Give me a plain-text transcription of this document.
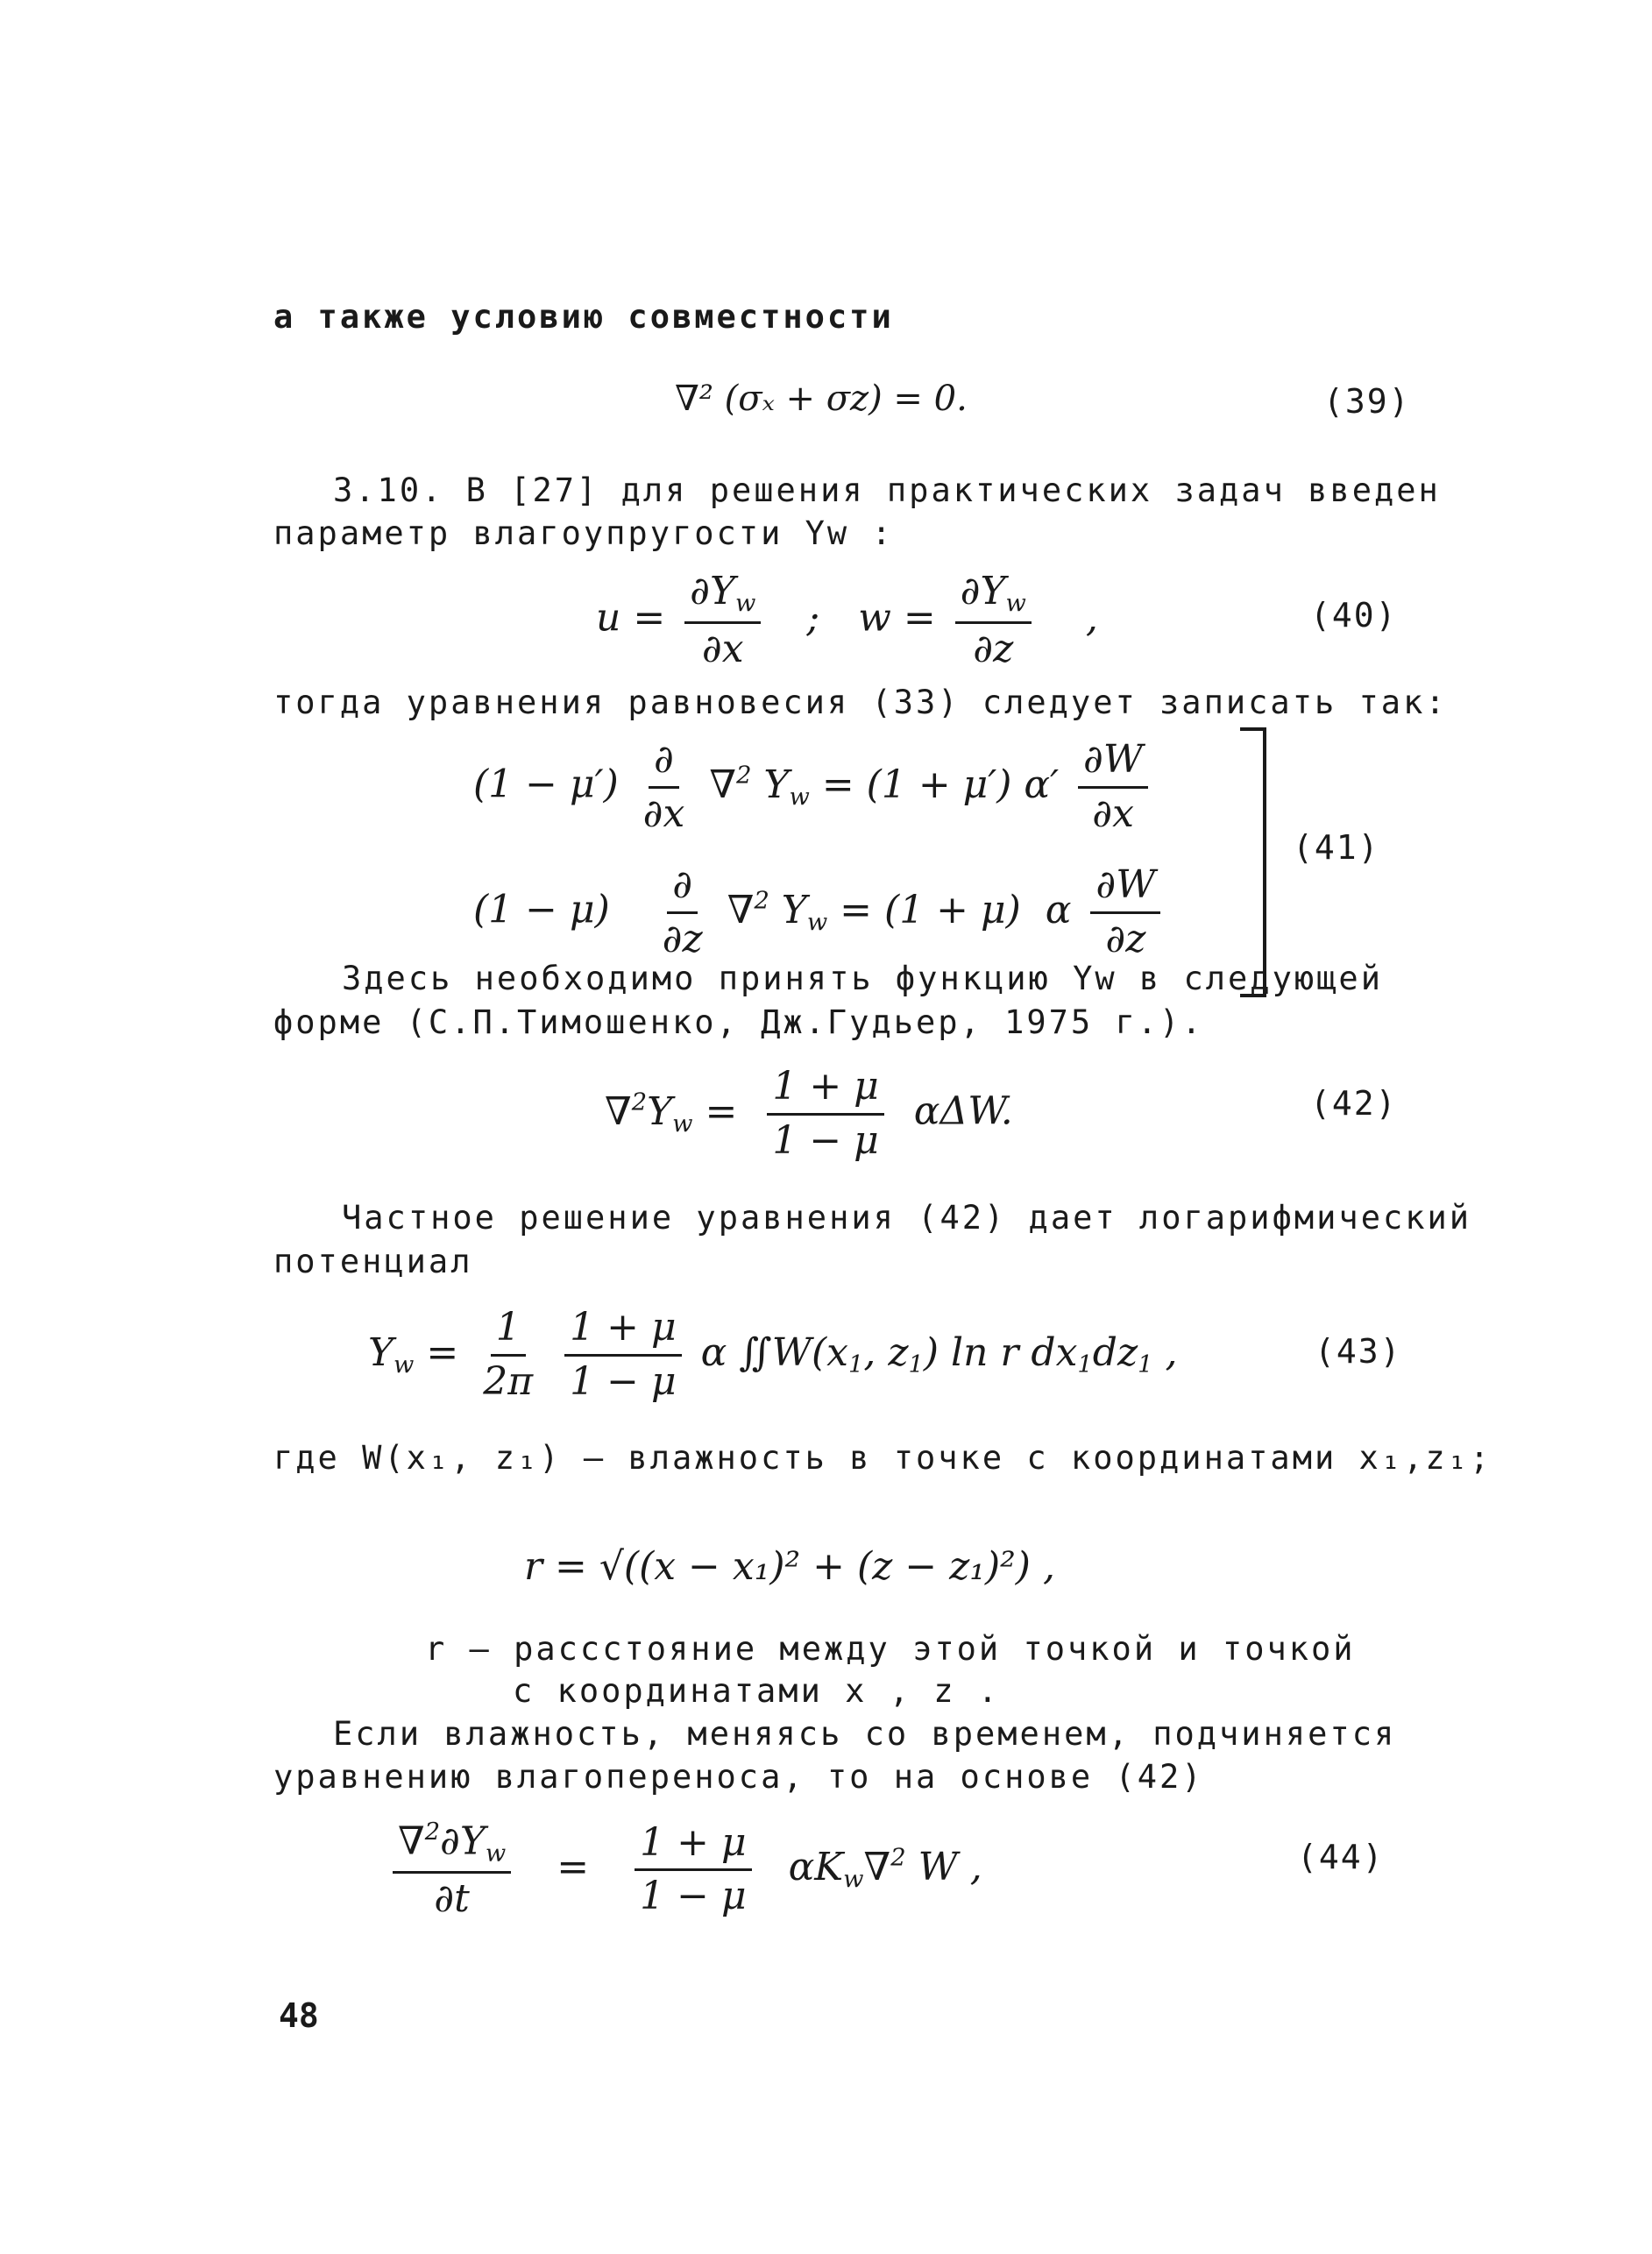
а также условию совместности
∇² (σₓ + σz) = 0.	(39)
3.10. В [27] для решения практических задач введен
параметр влагоупругости Yw :
$u = \frac{\partial Y_w}{\partial x}$ ; $w = \frac{\partial Y_w}{\partial z}$ ,	(40)
тогда уравнения равновесия (33) следует записать так:
$(1 - \mu') \frac{\partial}{\partial x} \nabla^2$ $Y_w = (1 + \mu')$ $\alpha' \frac{\partial W}{\partial x}$
$(1 - \mu) \frac{\partial}{\partial z} \nabla^2$ $Y_w = (1 + \mu)$  α $\frac{\partial W}{\partial z}$
(41)
Здесь необходимо принять функцию Yw в следующей
форме (С.П.Тимошенко, Дж.Гудьер, 1975 г.).
$\nabla^2Y_w = \frac{1 + \mu}{1 - \mu} \alpha\Delta W$.	(42)
Частное решение уравнения (42) дает логарифмический
потенциал
$Y_w = \frac{1}{2\pi}$
$\frac{1 + \mu}{1 - \mu}$ α $∬W(x_1$, $z_1$) ln r $dx_1dz_1$ ,	(43)
где W(x₁, z₁) – влажность в точке с координатами x₁,z₁;
r = √((x − x₁)² + (z − z₁)²) ,
r – расcстояние между этой точкой и точкой
с координатами x , z .
Если влажность, меняясь со временем, подчиняется
уравнению влагопереноса, то на основе (42)
$\frac{\nabla^2\partial Y_w}{\partial t} = \frac{1 + \mu}{1 - \mu} \alpha K_w\nabla^2$ W ,	(44)
48
